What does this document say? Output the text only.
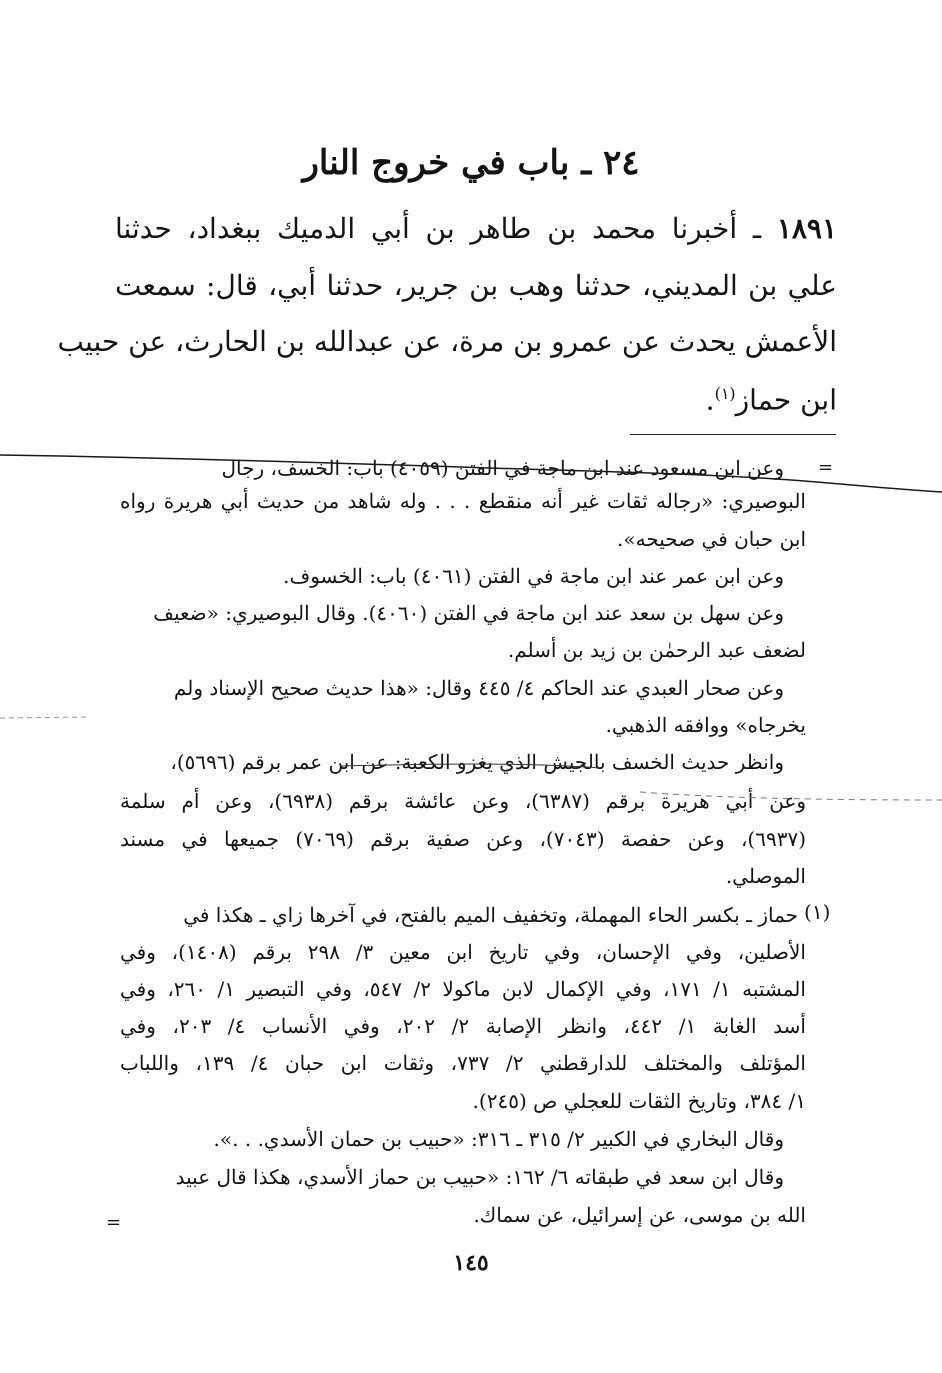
٢٤ ـ باب في خروج النار
١٨٩١ ـ أخبرنا محمد بن طاهر بن أبي الدميك ببغداد، حدثنا
علي بن المديني، حدثنا وهب بن جرير، حدثنا أبي، قال: سمعت
الأعمش يحدث عن عمرو بن مرة، عن عبدالله بن الحارث، عن حبيب
ابن حماز$^{(١)}$.
=
وعن ابن مسعود عند ابن ماجة في الفتن (٤٠٥٩) باب: الخسف، رجال
البوصيري: «رجاله ثقات غير أنه منقطع . . . وله شاهد من حديث أبي هريرة رواه
ابن حبان في صحيحه».
وعن ابن عمر عند ابن ماجة في الفتن (٤٠٦١) باب: الخسوف.
وعن سهل بن سعد عند ابن ماجة في الفتن (٤٠٦٠). وقال البوصيري: «ضعيف
لضعف عبد الرحمٰن بن زيد بن أسلم.
وعن صحار العبدي عند الحاكم ٤/ ٤٤٥ وقال: «هذا حديث صحيح الإسناد ولم
يخرجاه» ووافقه الذهبي.
وانظر حديث الخسف بالجيش الذي يغزو الكعبة: عن ابن عمر برقم (٥٦٩٦)،
وعن أبي هريرة برقم (٦٣٨٧)، وعن عائشة برقم (٦٩٣٨)، وعن أم سلمة
(٦٩٣٧)، وعن حفصة (٧٠٤٣)، وعن صفية برقم (٧٠٦٩) جميعها في مسند
الموصلي.
(١)
حماز ـ بكسر الحاء المهملة، وتخفيف الميم بالفتح، في آخرها زاي ـ هكذا في
الأصلين، وفي الإحسان، وفي تاريخ ابن معين ٣/ ٢٩٨ برقم (١٤٠٨)، وفي
المشتبه ١/ ١٧١، وفي الإكمال لابن ماكولا ٢/ ٥٤٧، وفي التبصير ١/ ٢٦٠، وفي
أسد الغابة ١/ ٤٤٢، وانظر الإصابة ٢/ ٢٠٢، وفي الأنساب ٤/ ٢٠٣، وفي
المؤتلف والمختلف للدارقطني ٢/ ٧٣٧، وثقات ابن حبان ٤/ ١٣٩، واللباب
١/ ٣٨٤، وتاريخ الثقات للعجلي ص (٢٤٥).
وقال البخاري في الكبير ٢/ ٣١٥ ـ ٣١٦: «حبيب بن حمان الأسدي. . .».
وقال ابن سعد في طبقاته ٦/ ١٦٢: «حبيب بن حماز الأسدي، هكذا قال عبيد
الله بن موسى، عن إسرائيل، عن سماك.
=
١٤٥
